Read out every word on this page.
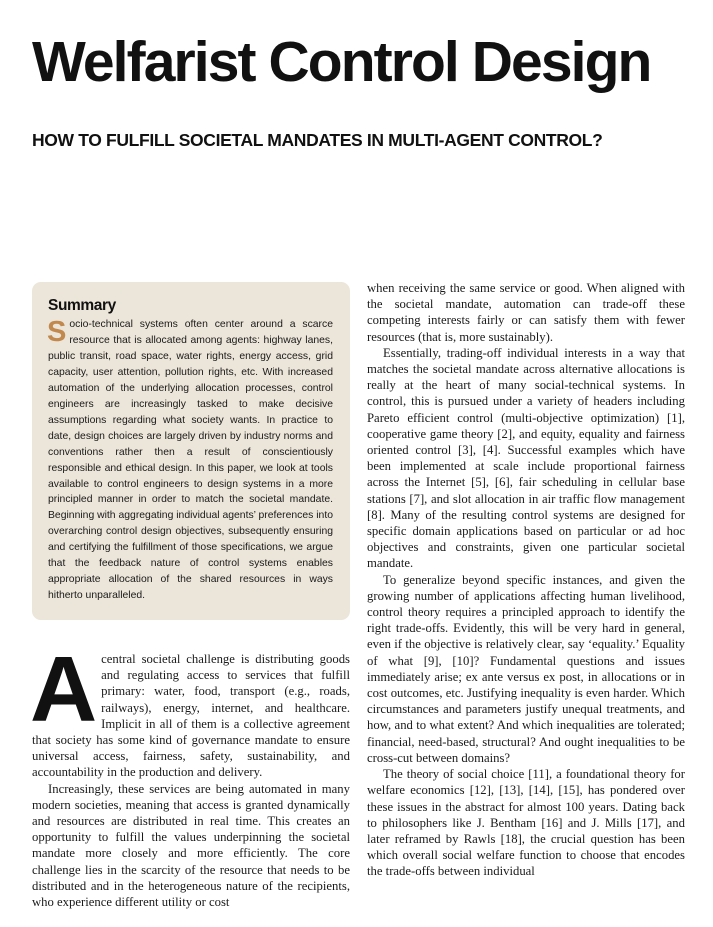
Welfarist Control Design
HOW TO FULFILL SOCIETAL MANDATES IN MULTI-AGENT CONTROL?
Summary

Socio-technical systems often center around a scarce resource that is allocated among agents: highway lanes, public transit, road space, water rights, energy access, grid capacity, user attention, pollution rights, etc. With increased automation of the underlying allocation processes, control engineers are increasingly tasked to make decisive assumptions regarding what society wants. In practice to date, design choices are largely driven by industry norms and conventions rather then a result of conscientiously responsible and ethical design. In this paper, we look at tools available to control engineers to design systems in a more principled manner in order to match the societal mandate. Beginning with aggregating individual agents’ preferences into overarching control design objectives, subsequently ensuring and certifying the fulfillment of those specifications, we argue that the feedback nature of control systems enables appropriate allocation of the shared resources in ways hitherto unparalleled.

Acentral societal challenge is distributing goods and regulating access to services that fulfill primary: water, food, transport (e.g., roads, railways), energy, internet, and healthcare. Implicit in all of them is a collective agreement that society has some kind of governance mandate to ensure universal access, fairness, safety, sustainability, and accountability in the production and delivery.

Increasingly, these services are being automated in many modern societies, meaning that access is granted dynamically and resources are distributed in real time. This creates an opportunity to fulfill the values underpinning the societal mandate more closely and more efficiently. The core challenge lies in the scarcity of the resource that needs to be distributed and in the heterogeneous nature of the recipients, who experience different utility or cost

when receiving the same service or good. When aligned with the societal mandate, automation can trade-off these competing interests fairly or can satisfy them with fewer resources (that is, more sustainably).

Essentially, trading-off individual interests in a way that matches the societal mandate across alternative allocations is really at the heart of many social-technical systems. In control, this is pursued under a variety of headers including Pareto efficient control (multi-objective optimization) [1], cooperative game theory [2], and equity, equality and fairness oriented control [3], [4]. Successful examples which have been implemented at scale include proportional fairness across the Internet [5], [6], fair scheduling in cellular base stations [7], and slot allocation in air traffic flow management [8]. Many of the resulting control systems are designed for specific domain applications based on particular or ad hoc objectives and constraints, given one particular societal mandate.

To generalize beyond specific instances, and given the growing number of applications affecting human livelihood, control theory requires a principled approach to identify the right trade-offs. Evidently, this will be very hard in general, even if the objective is relatively clear, say ‘equality.’ Equality of what [9], [10]? Fundamental questions and issues immediately arise; ex ante versus ex post, in allocations or in cost outcomes, etc. Justifying inequality is even harder. Which circumstances and parameters justify unequal treatments, and how, and to what extent? And which inequalities are tolerated; financial, need-based, structural? And ought inequalities to be cross-cut between domains?

The theory of social choice [11], a foundational theory for welfare economics [12], [13], [14], [15], has pondered over these issues in the abstract for almost 100 years. Dating back to philosophers like J. Bentham [16] and J. Mills [17], and later reframed by Rawls [18], the crucial question has been which overall social welfare function to choose that encodes the trade-offs between individual
